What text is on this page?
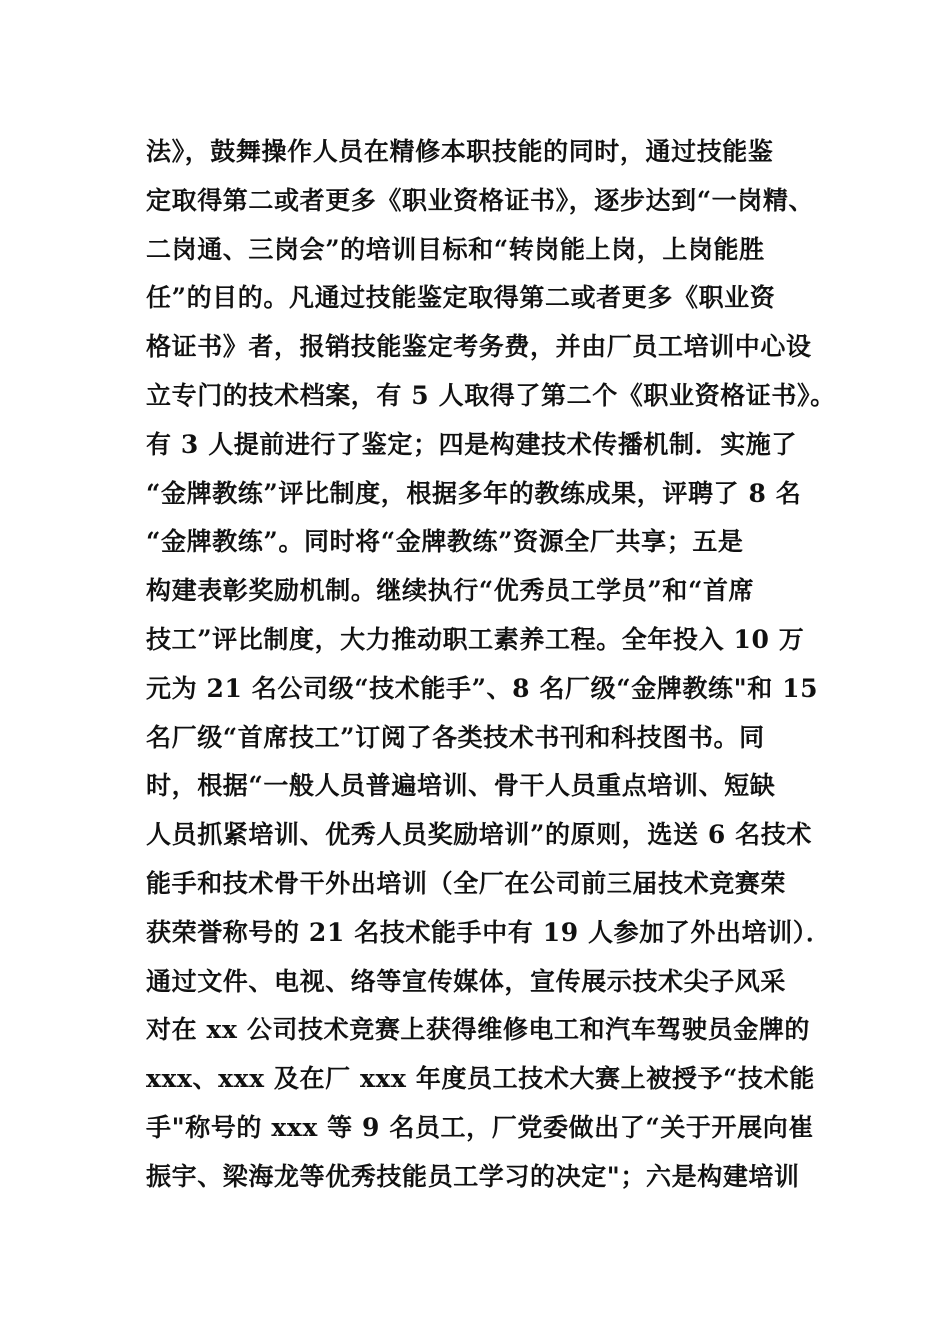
法》，鼓舞操作人员在精修本职技能的同时，通过技能鉴
定取得第二或者更多《职业资格证书》，逐步达到“一岗精、
二岗通、三岗会”的培训目标和“转岗能上岗，上岗能胜
任”的目的。凡通过技能鉴定取得第二或者更多《职业资
格证书》者，报销技能鉴定考务费，并由厂员工培训中心设
立专门的技术档案，有 5 人取得了第二个《职业资格证书》。
有 3 人提前进行了鉴定；四是构建技术传播机制．实施了
“金牌教练”评比制度，根据多年的教练成果，评聘了 8 名
“金牌教练”。同时将“金牌教练”资源全厂共享；五是
构建表彰奖励机制。继续执行“优秀员工学员”和“首席
技工”评比制度，大力推动职工素养工程。全年投入 10 万
元为 21 名公司级“技术能手”、8 名厂级“金牌教练"和 15
名厂级“首席技工”订阅了各类技术书刊和科技图书。同
时，根据“一般人员普遍培训、骨干人员重点培训、短缺
人员抓紧培训、优秀人员奖励培训”的原则，选送 6 名技术
能手和技术骨干外出培训（全厂在公司前三届技术竞赛荣
获荣誉称号的 21 名技术能手中有 19 人参加了外出培训）．
通过文件、电视、络等宣传媒体，宣传展示技术尖子风采
对在 xx 公司技术竞赛上获得维修电工和汽车驾驶员金牌的
xxx、xxx 及在厂 xxx 年度员工技术大赛上被授予“技术能
手"称号的 xxx 等 9 名员工，厂党委做出了“关于开展向崔
振宇、梁海龙等优秀技能员工学习的决定"；六是构建培训
